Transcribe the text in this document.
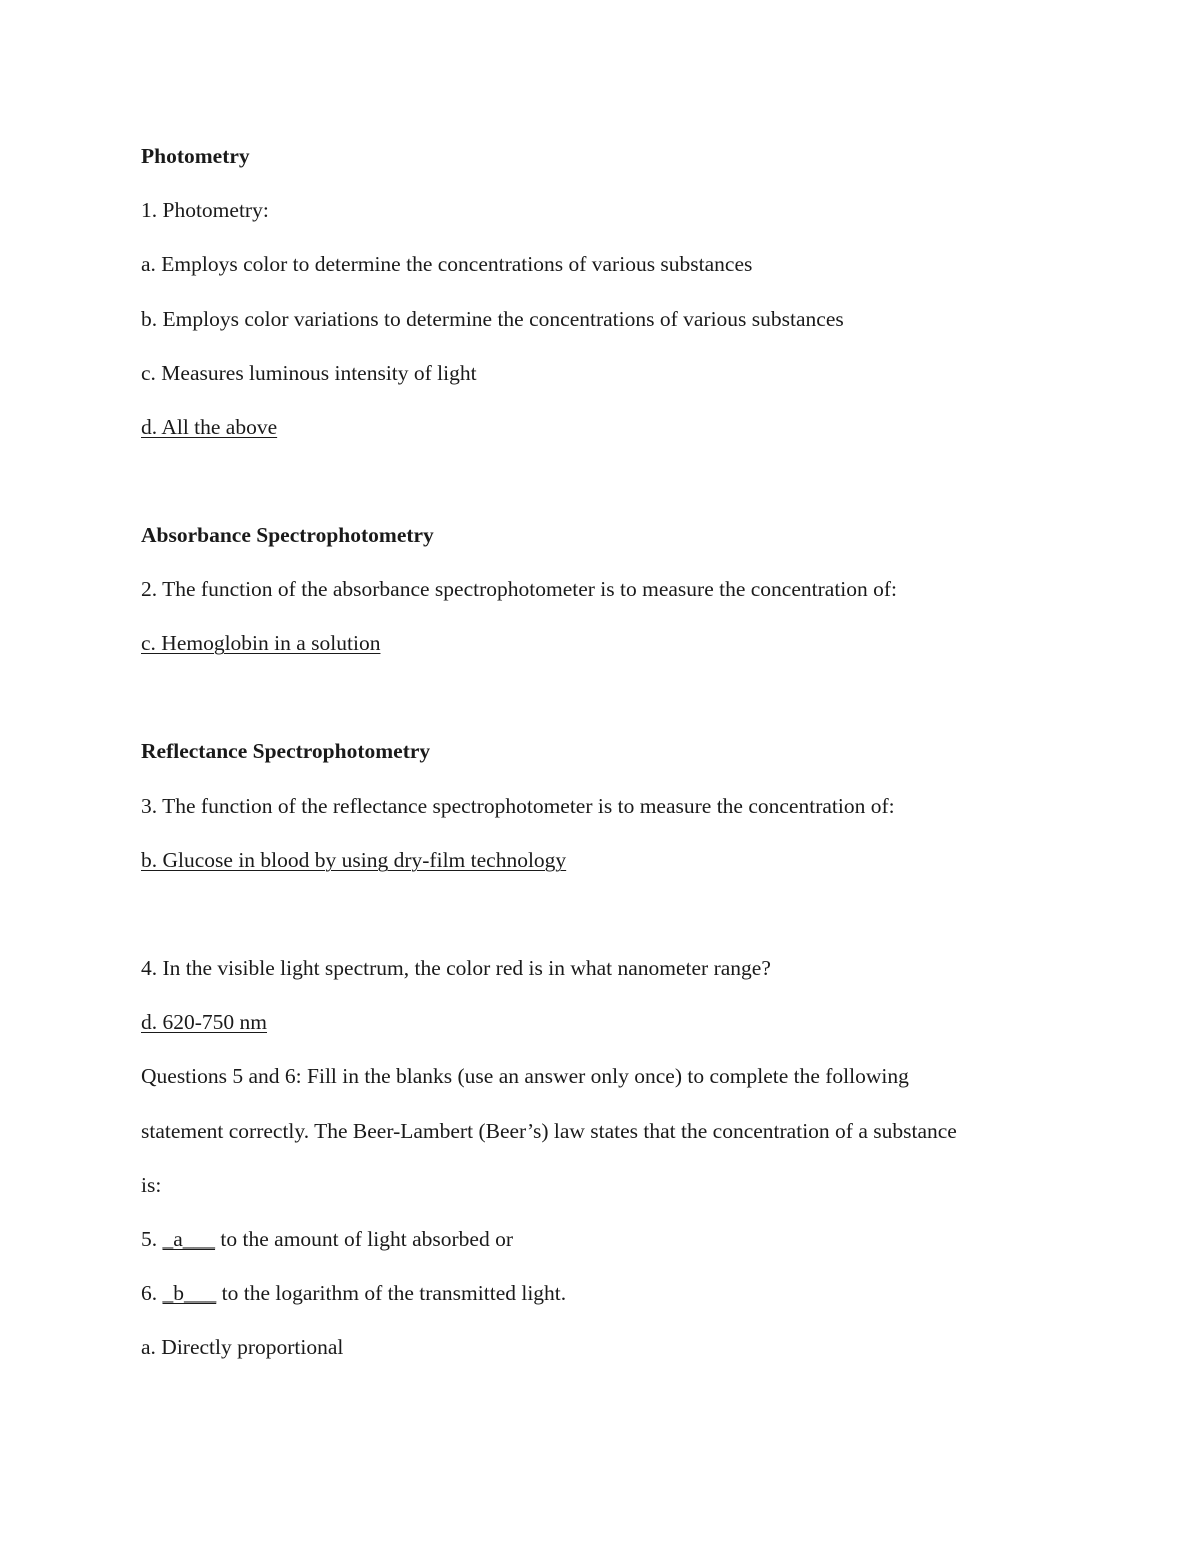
Photometry
1. Photometry:
a. Employs color to determine the concentrations of various substances
b. Employs color variations to determine the concentrations of various substances
c. Measures luminous intensity of light
d. All the above
Absorbance Spectrophotometry
2. The function of the absorbance spectrophotometer is to measure the concentration of:
c. Hemoglobin in a solution
Reflectance Spectrophotometry
3. The function of the reflectance spectrophotometer is to measure the concentration of:
b. Glucose in blood by using dry-film technology
4. In the visible light spectrum, the color red is in what nanometer range?
d. 620-750 nm
Questions 5 and 6: Fill in the blanks (use an answer only once) to complete the following
statement correctly. The Beer-Lambert (Beer’s) law states that the concentration of a substance
is:
5. _a___ to the amount of light absorbed or
6. _b___ to the logarithm of the transmitted light.
a. Directly proportional
